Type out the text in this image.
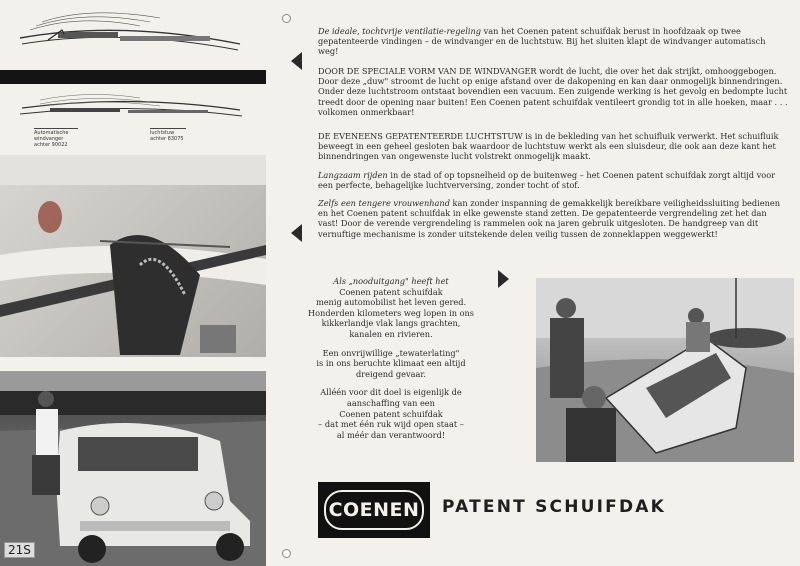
Automatische windvanger
achter 90022
luchtstuw
achter 83075
21S
De ideale, tochtvrije ventilatie-regeling van het Coenen patent schuifdak berust in hoofdzaak op twee gepatenteerde vindingen – de windvanger en de luchtstuw. Bij het sluiten klapt de windvanger automatisch weg!
DOOR DE SPECIALE VORM VAN DE WINDVANGER wordt de lucht, die over het dak strijkt, omhooggebogen. Door deze „duw" stroomt de lucht op enige afstand over de dakopening en kan daar onmogelijk binnendringen. Onder deze luchtstroom ontstaat bovendien een vacuum. Een zuigende werking is het gevolg en bedompte lucht treedt door de opening naar buiten! Een Coenen patent schuifdak ventileert grondig tot in alle hoeken, maar . . . volkomen onmerkbaar!
DE EVENEENS GEPATENTEERDE LUCHTSTUW is in de bekleding van het schuifluik verwerkt. Het schuifluik beweegt in een geheel gesloten bak waardoor de luchtstuw werkt als een sluisdeur, die ook aan deze kant het binnendringen van ongewenste lucht volstrekt onmogelijk maakt.
Langzaam rijden in de stad of op topsnelheid op de buitenweg – het Coenen patent schuifdak zorgt altijd voor een perfecte, behagelijke luchtverversing, zonder tocht of stof.
Zelfs een tengere vrouwenhand kan zonder inspanning de gemakkelijk bereikbare veiligheidssluiting bedienen en het Coenen patent schuifdak in elke gewenste stand zetten. De gepatenteerde vergrendeling zet het dan vast! Door de verende vergrendeling is rammelen ook na jaren gebruik uitgesloten. De handgreep van dit vernuftige mechanisme is zonder uitstekende delen veilig tussen de zonneklappen weggewerkt!

Als „nooduitgang" heeft het
Coenen patent schuifdak
menig automobilist het leven gered.
Honderden kilometers weg lopen in ons
kikkerlandje vlak langs grachten,
kanalen en rivieren.

Een onvrijwillige „tewaterlating"
is in ons beruchte klimaat een altijd
dreigend gevaar.

Alléén voor dit doel is eigenlijk de
aanschaffing van een
Coenen patent schuifdak
– dat met één ruk wijd open staat –
al méér dan verantwoord!

COENEN PATENT SCHUIFDAK
